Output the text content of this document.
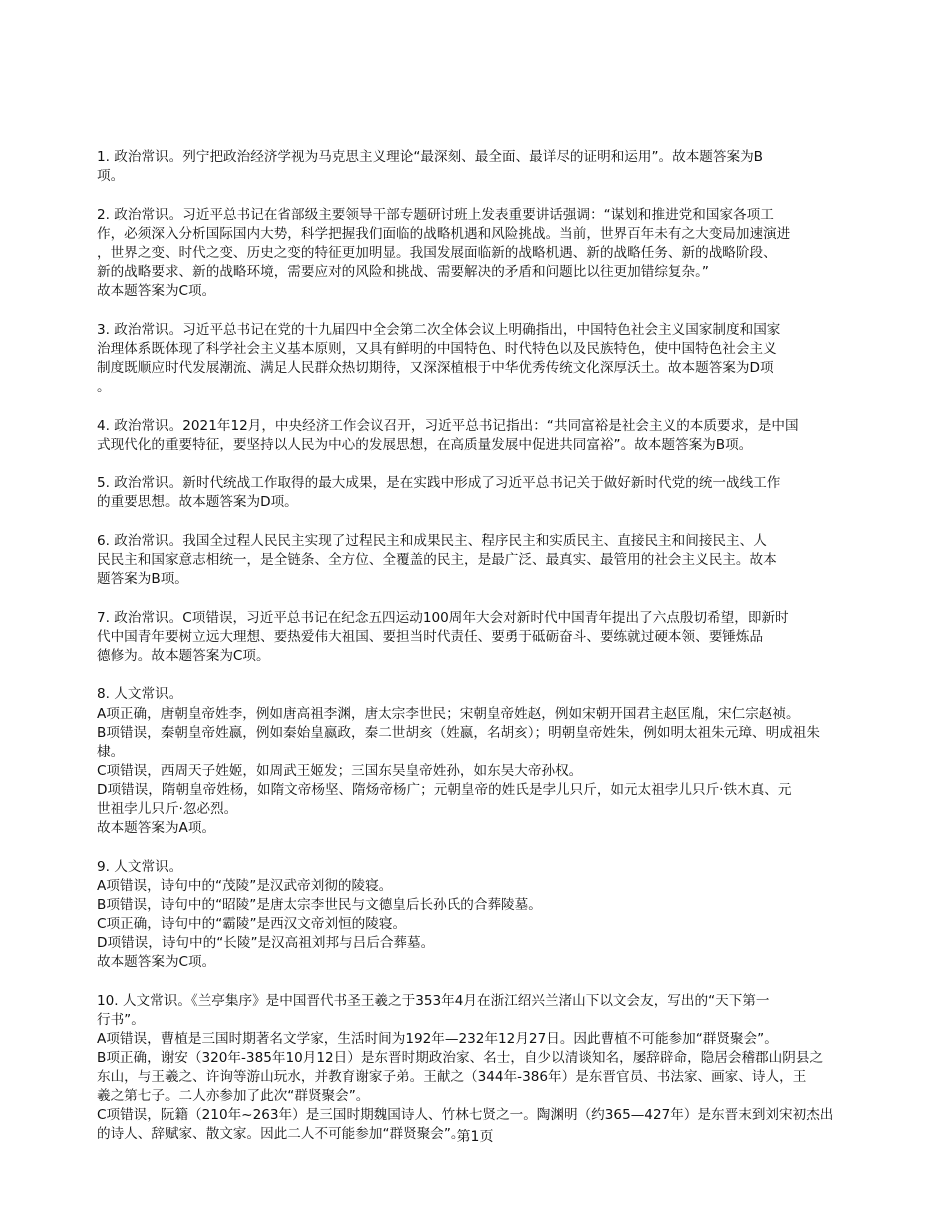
1. 政治常识。列宁把政治经济学视为马克思主义理论“最深刻、最全面、最详尽的证明和运用”。故本题答案为B
项。
2. 政治常识。习近平总书记在省部级主要领导干部专题研讨班上发表重要讲话强调：“谋划和推进党和国家各项工
作，必须深入分析国际国内大势，科学把握我们面临的战略机遇和风险挑战。当前，世界百年未有之大变局加速演进
，世界之变、时代之变、历史之变的特征更加明显。我国发展面临新的战略机遇、新的战略任务、新的战略阶段、
新的战略要求、新的战略环境，需要应对的风险和挑战、需要解决的矛盾和问题比以往更加错综复杂。”
故本题答案为C项。
3. 政治常识。习近平总书记在党的十九届四中全会第二次全体会议上明确指出，中国特色社会主义国家制度和国家
治理体系既体现了科学社会主义基本原则，又具有鲜明的中国特色、时代特色以及民族特色，使中国特色社会主义
制度既顺应时代发展潮流、满足人民群众热切期待，又深深植根于中华优秀传统文化深厚沃土。故本题答案为D项
。
4. 政治常识。2021年12月，中央经济工作会议召开，习近平总书记指出：“共同富裕是社会主义的本质要求，是中国
式现代化的重要特征，要坚持以人民为中心的发展思想，在高质量发展中促进共同富裕”。故本题答案为B项。
5. 政治常识。新时代统战工作取得的最大成果，是在实践中形成了习近平总书记关于做好新时代党的统一战线工作
的重要思想。故本题答案为D项。
6. 政治常识。我国全过程人民民主实现了过程民主和成果民主、程序民主和实质民主、直接民主和间接民主、人
民民主和国家意志相统一，是全链条、全方位、全覆盖的民主，是最广泛、最真实、最管用的社会主义民主。故本
题答案为B项。
7. 政治常识。C项错误，习近平总书记在纪念五四运动100周年大会对新时代中国青年提出了六点殷切希望，即新时
代中国青年要树立远大理想、要热爱伟大祖国、要担当时代责任、要勇于砥砺奋斗、要练就过硬本领、要锤炼品
德修为。故本题答案为C项。
8. 人文常识。
A项正确，唐朝皇帝姓李，例如唐高祖李渊，唐太宗李世民；宋朝皇帝姓赵，例如宋朝开国君主赵匡胤，宋仁宗赵祯。
B项错误，秦朝皇帝姓嬴，例如秦始皇嬴政，秦二世胡亥（姓嬴，名胡亥）；明朝皇帝姓朱，例如明太祖朱元璋、明成祖朱
棣。
C项错误，西周天子姓姬，如周武王姬发；三国东吴皇帝姓孙，如东吴大帝孙权。
D项错误，隋朝皇帝姓杨，如隋文帝杨坚、隋炀帝杨广；元朝皇帝的姓氏是孛儿只斤，如元太祖孛儿只斤·铁木真、元
世祖孛儿只斤·忽必烈。
故本题答案为A项。
9. 人文常识。
A项错误，诗句中的“茂陵”是汉武帝刘彻的陵寝。
B项错误，诗句中的“昭陵”是唐太宗李世民与文德皇后长孙氏的合葬陵墓。
C项正确，诗句中的“霸陵”是西汉文帝刘恒的陵寝。
D项错误，诗句中的“长陵”是汉高祖刘邦与吕后合葬墓。
故本题答案为C项。
10. 人文常识。《兰亭集序》是中国晋代书圣王羲之于353年4月在浙江绍兴兰渚山下以文会友，写出的“天下第一
行书”。
A项错误，曹植是三国时期著名文学家，生活时间为192年—232年12月27日。因此曹植不可能参加“群贤聚会”。
B项正确，谢安（320年-385年10月12日）是东晋时期政治家、名士，自少以清谈知名，屡辞辟命，隐居会稽郡山阴县之
东山，与王羲之、许询等游山玩水，并教育谢家子弟。王献之（344年-386年）是东晋官员、书法家、画家、诗人，王
羲之第七子。二人亦参加了此次“群贤聚会”。
C项错误，阮籍（210年~263年）是三国时期魏国诗人、竹林七贤之一。陶渊明（约365—427年）是东晋末到刘宋初杰出
的诗人、辞赋家、散文家。因此二人不可能参加“群贤聚会”。
第1页
